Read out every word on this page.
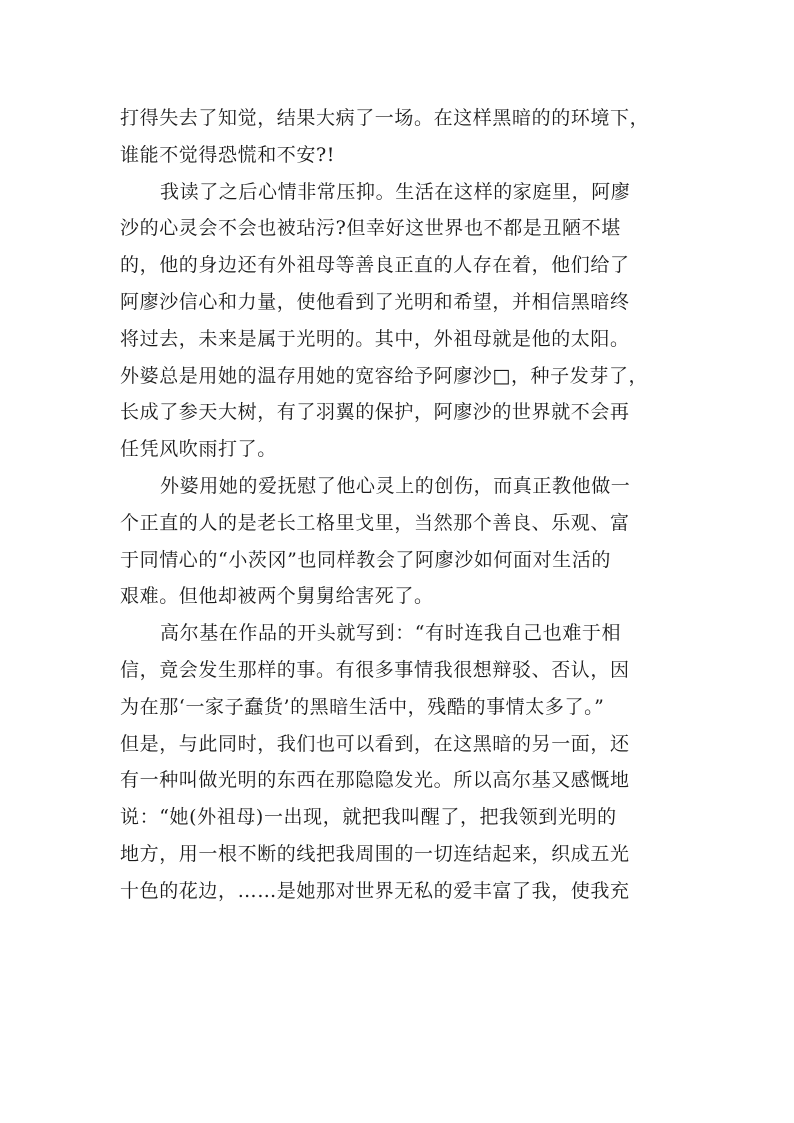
打得失去了知觉，结果大病了一场。在这样黑暗的的环境下，
谁能不觉得恐慌和不安?!
我读了之后心情非常压抑。生活在这样的家庭里，阿廖
沙的心灵会不会也被玷污?但幸好这世界也不都是丑陋不堪
的，他的身边还有外祖母等善良正直的人存在着，他们给了
阿廖沙信心和力量，使他看到了光明和希望，并相信黑暗终
将过去，未来是属于光明的。其中，外祖母就是他的太阳。
外婆总是用她的温存用她的宽容给予阿廖沙□，种子发芽了，
长成了参天大树，有了羽翼的保护，阿廖沙的世界就不会再
任凭风吹雨打了。
外婆用她的爱抚慰了他心灵上的创伤，而真正教他做一
个正直的人的是老长工格里戈里，当然那个善良、乐观、富
于同情心的“小茨冈”也同样教会了阿廖沙如何面对生活的
艰难。但他却被两个舅舅给害死了。
高尔基在作品的开头就写到：“有时连我自己也难于相
信，竟会发生那样的事。有很多事情我很想辩驳、否认，因
为在那‘一家子蠢货’的黑暗生活中，残酷的事情太多了。”
但是，与此同时，我们也可以看到，在这黑暗的另一面，还
有一种叫做光明的东西在那隐隐发光。所以高尔基又感慨地
说：“她(外祖母)一出现，就把我叫醒了，把我领到光明的
地方，用一根不断的线把我周围的一切连结起来，织成五光
十色的花边，……是她那对世界无私的爱丰富了我，使我充
